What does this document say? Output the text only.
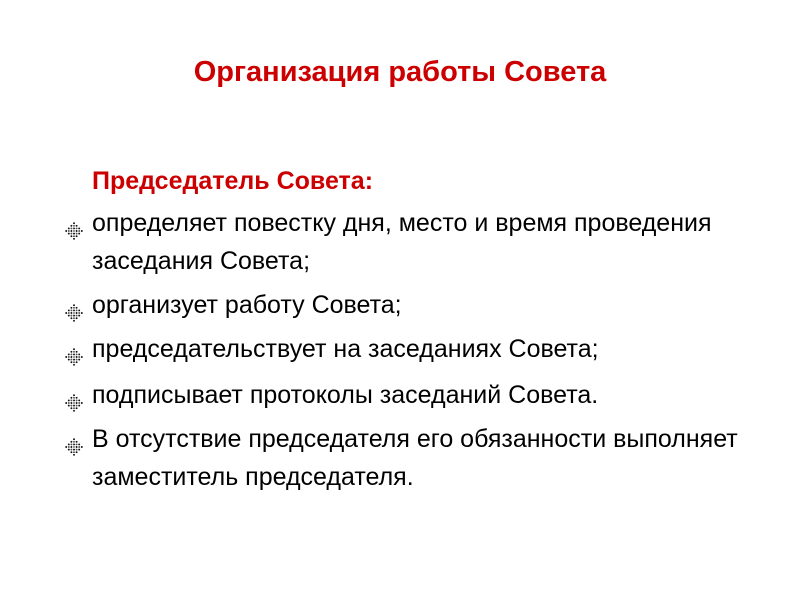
Организация работы Совета

Председатель Совета:

определяет повестку дня, место и время проведения заседания Совета;
организует работу Совета;
председательствует на заседаниях Совета;
подписывает протоколы заседаний Совета.
В отсутствие председателя его обязанности выполняет заместитель председателя.
